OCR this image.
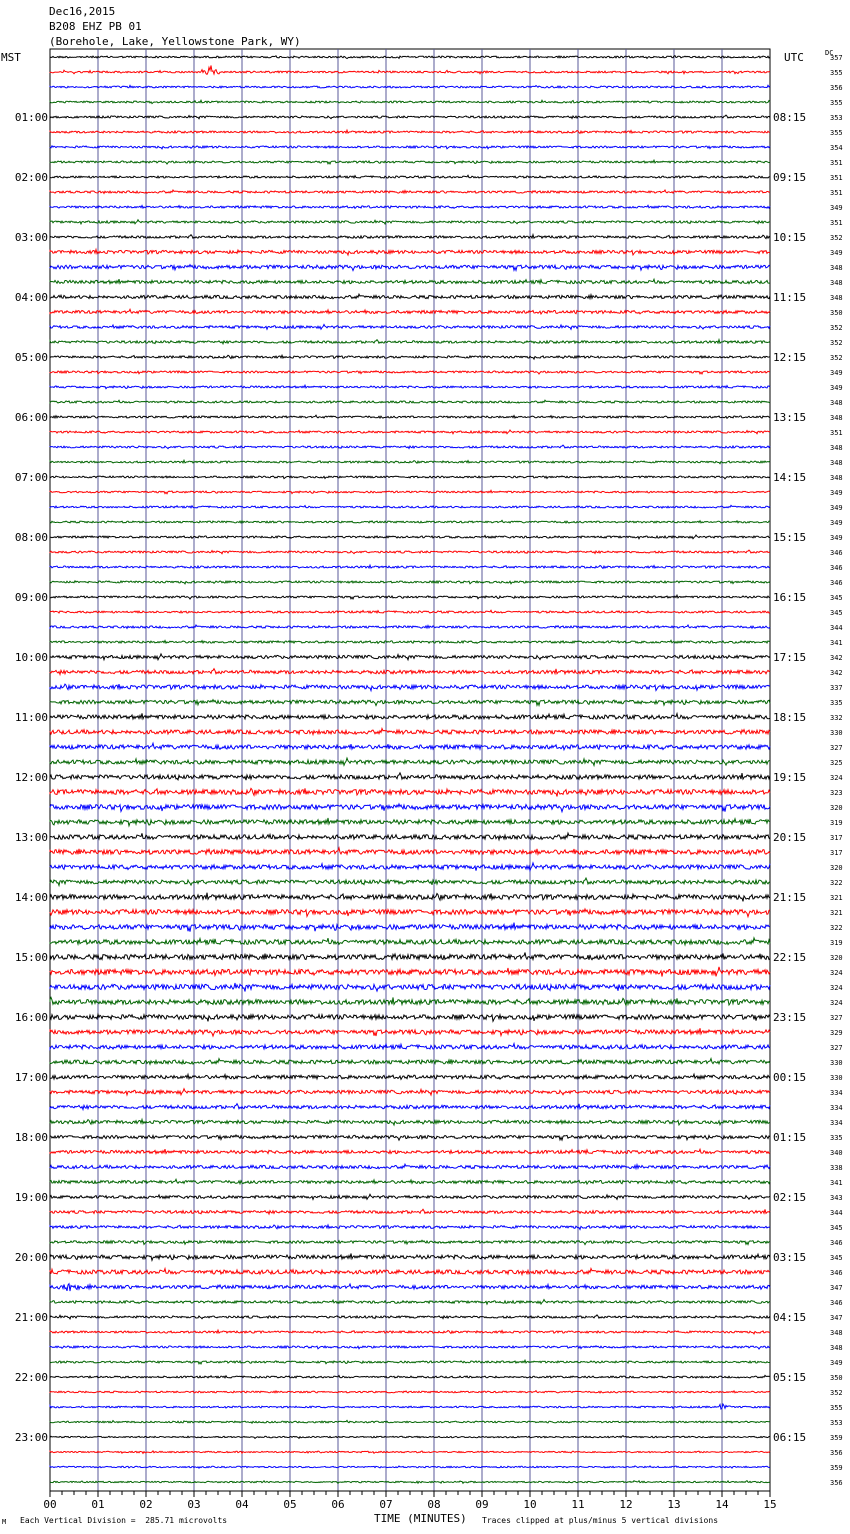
Dec16,2015
B208 EHZ PB 01
(Borehole, Lake, Yellowstone Park, WY)
MST	UTC	DC
357
355
356
355
353
355
354
351
351
351
349
351
352
349
348
348
348
350
352
352
352
349
349
348
348
351
348
348
348
349
349
349
349
346
346
346
345
345
344
341
342
342
337
335
332
330
327
325
324
323
320
319
317
317
320
322
321
321
322
319
320
324
324
324
327
329
327
330
330
334
334
334
335
340
338
341
343
344
345
346
345
346
347
346
347
348
348
349
350
352
355
353
359
356
359
356
01:00	08:15
02:00	09:15
03:00	10:15
04:00	11:15
05:00	12:15
06:00	13:15
07:00	14:15
08:00	15:15
09:00	16:15
10:00	17:15
11:00	18:15
12:00	19:15
13:00	20:15
14:00	21:15
15:00	22:15
16:00	23:15
17:00	00:15
18:00	01:15
19:00	02:15
20:00	03:15
21:00	04:15
22:00	05:15
23:00	06:15
00	01	02	03	04	05	06	07	08	09	10	11	12	13	14	15
M Each Vertical Division =  285.71 microvolts	TIME (MINUTES) Traces clipped at plus/minus 5 vertical divisions
